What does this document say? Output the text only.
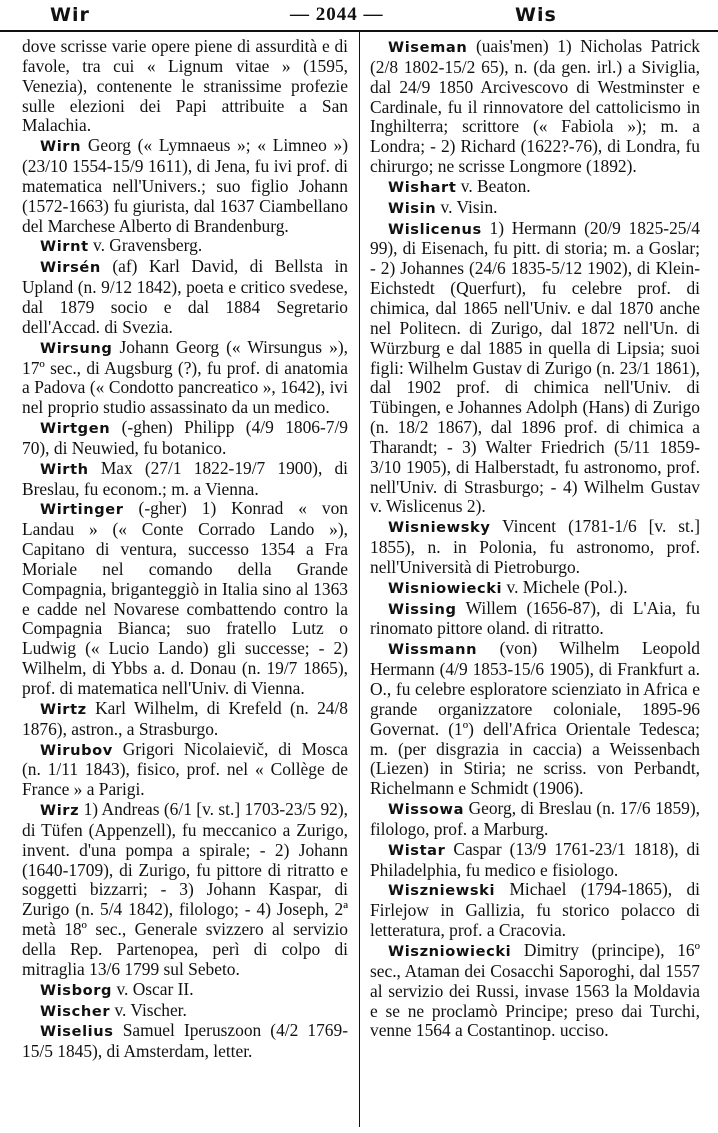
Wir	— 2044 —	Wis
dove scrisse varie opere piene di assurdità e di favole, tra cui « Lignum vitae » (1595, Venezia), contenente le stranissime profezie sulle elezioni dei Papi attribuite a San Malachia.
Wirn Georg (« Lymnaeus »; « Limneo ») (23/10 1554-15/9 1611), di Jena, fu ivi prof. di matematica nell'Univers.; suo figlio Johann (1572-1663) fu giurista, dal 1637 Ciambellano del Marchese Alberto di Brandenburg.
Wirnt v. Gravensberg.
Wirsén (af) Karl David, di Bellsta in Upland (n. 9/12 1842), poeta e critico svedese, dal 1879 socio e dal 1884 Segretario dell'Accad. di Svezia.
Wirsung Johann Georg (« Wirsungus »), 17º sec., di Augsburg (?), fu prof. di anatomia a Padova (« Condotto pancreatico », 1642), ivi nel proprio studio assassinato da un medico.
Wirtgen (-ghen) Philipp (4/9 1806-7/9 70), di Neuwied, fu botanico.
Wirth Max (27/1 1822-19/7 1900), di Breslau, fu econom.; m. a Vienna.
Wirtinger (-gher) 1) Konrad « von Landau » (« Conte Corrado Lando »), Capitano di ventura, successo 1354 a Fra Moriale nel comando della Grande Compagnia, brigantеggiò in Italia sino al 1363 e cadde nel Novarese combattendo contro la Compagnia Bianca; suo fratello Lutz o Ludwig (« Lucio Lando) gli successe; - 2) Wilhelm, di Ybbs a. d. Donau (n. 19/7 1865), prof. di matematica nell'Univ. di Vienna.
Wirtz Karl Wilhelm, di Krefeld (n. 24/8 1876), astron., a Strasburgo.
Wirubov Grigori Nicolaievič, di Mosca (n. 1/11 1843), fisico, prof. nel « Collège de France » a Parigi.
Wirz 1) Andreas (6/1 [v. st.] 1703-23/5 92), di Tüfen (Appenzell), fu meccanico a Zurigo, invent. d'una pompa a spirale; - 2) Johann (1640-1709), di Zurigo, fu pittore di ritratto e soggetti bizzarri; - 3) Johann Kaspar, di Zurigo (n. 5/4 1842), filologo; - 4) Joseph, 2ª metà 18º sec., Generale svizzero al servizio della Rep. Partenopea, perì di colpo di mitraglia 13/6 1799 sul Sebeto.
Wisborg v. Oscar II.
Wischer v. Vischer.
Wiselius Samuel Iperuszoon (4/2 1769-15/5 1845), di Amsterdam, letter.
Wiseman (uais'men) 1) Nicholas Patrick (2/8 1802-15/2 65), n. (da gen. irl.) a Siviglia, dal 24/9 1850 Arcivescovo di Westminster e Cardinale, fu il rinnovatore del cattolicismo in Inghilterra; scrittore (« Fabiola »); m. a Londra; - 2) Richard (1622?-76), di Londra, fu chirurgo; ne scrisse Longmore (1892).
Wishart v. Beaton.
Wisin v. Visin.
Wislicenus 1) Hermann (20/9 1825-25/4 99), di Eisenach, fu pitt. di storia; m. a Goslar; - 2) Johannes (24/6 1835-5/12 1902), di Klein-Eichstedt (Querfurt), fu celebre prof. di chimica, dal 1865 nell'Univ. e dal 1870 anche nel Politecn. di Zurigo, dal 1872 nell'Un. di Würzburg e dal 1885 in quella di Lipsia; suoi figli: Wilhelm Gustav di Zurigo (n. 23/1 1861), dal 1902 prof. di chimica nell'Univ. di Tübingen, e Johannes Adolph (Hans) di Zurigo (n. 18/2 1867), dal 1896 prof. di chimica a Tharandt; - 3) Walter Friedrich (5/11 1859-3/10 1905), di Halberstadt, fu astronomo, prof. nell'Univ. di Strasburgo; - 4) Wilhelm Gustav v. Wislicenus 2).
Wisniewsky Vincent (1781-1/6 [v. st.] 1855), n. in Polonia, fu astronomo, prof. nell'Università di Pietroburgo.
Wisniowiecki v. Michele (Pol.).
Wissing Willem (1656-87), di L'Aia, fu rinomato pittore oland. di ritratto.
Wissmann (von) Wilhelm Leopold Hermann (4/9 1853-15/6 1905), di Frankfurt a. O., fu celebre esploratore scienziato in Africa e grande organizzatore coloniale, 1895-96 Governat. (1º) dell'Africa Orientale Tedesca; m. (per disgrazia in caccia) a Weissenbach (Liezen) in Stiria; ne scriss. von Perbandt, Richelmann e Schmidt (1906).
Wissowa Georg, di Breslau (n. 17/6 1859), filologo, prof. a Marburg.
Wistar Caspar (13/9 1761-23/1 1818), di Philadelphia, fu medico e fisiologo.
Wiszniewski Michael (1794-1865), di Firlejow in Gallizia, fu storico polacco di letteratura, prof. a Cracovia.
Wiszniowiecki Dimitry (principe), 16º sec., Ataman dei Cosacchi Saporoghi, dal 1557 al servizio dei Russi, invase 1563 la Moldavia e se ne proclamò Principe; preso dai Turchi, venne 1564 a Costantinop. ucciso.
